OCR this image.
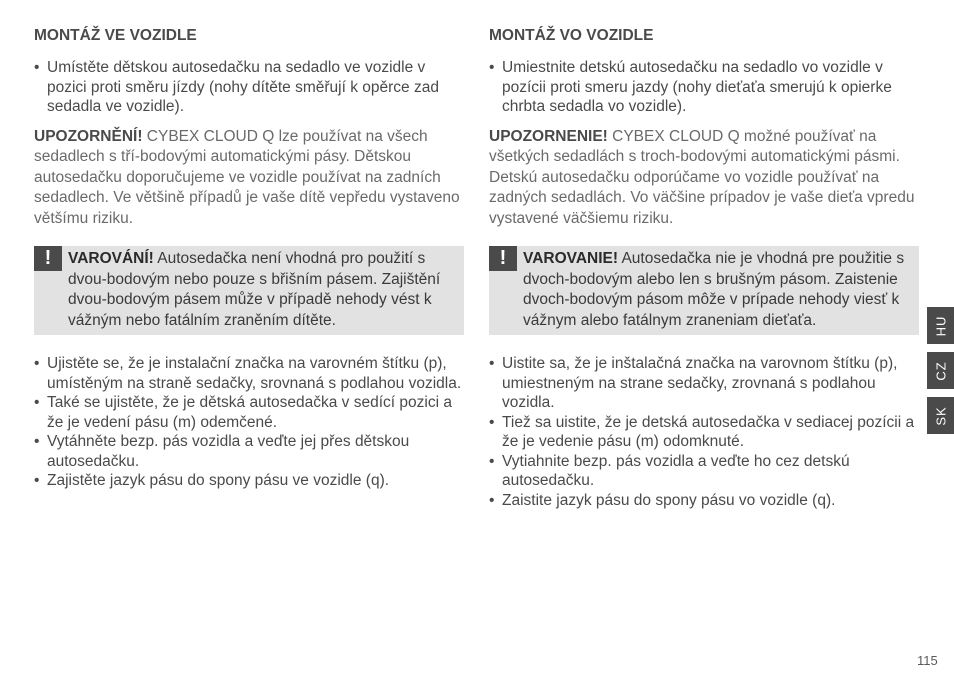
MONTÁŽ VE VOZIDLE
• Umístěte dětskou autosedačku na sedadlo ve vozidle v pozici proti směru jízdy (nohy dítěte směřují k opěrce zad sedadla ve vozidle).

UPOZORNĚNÍ! CYBEX CLOUD Q lze používat na všech sedadlech s tří-bodovými automatickými pásy. Dětskou autosedačku doporučujeme ve vozidle používat na zadních sedadlech. Ve většině případů je vaše dítě vepředu vystaveno většímu riziku.

!	VAROVÁNÍ! Autosedačka není vhodná pro použití s dvou-bodovým nebo pouze s břišním pásem. Zajištění dvou-bodovým pásem může v případě nehody vést k vážným nebo fatálním zraněním dítěte.
• Ujistěte se, že je instalační značka na varovném štítku (p), umístěným na straně sedačky, srovnaná s podlahou vozidla.
• Také se ujistěte, že je dětská autosedačka v sedící pozici a že je vedení pásu (m) odemčené.
• Vytáhněte bezp. pás vozidla a veďte jej přes dětskou autosedačku.
• Zajistěte jazyk pásu do spony pásu ve vozidle (q).
MONTÁŽ VO VOZIDLE
• Umiestnite detskú autosedačku na sedadlo vo vozidle v pozícii proti smeru jazdy (nohy dieťaťa smerujú k opierke chrbta sedadla vo vozidle).

UPOZORNENIE! CYBEX CLOUD Q možné používať na všetkých sedadlách s troch-bodovými automatickými pásmi. Detskú autosedačku odporúčame vo vozidle používať na zadných sedadlách. Vo väčšine prípadov je vaše dieťa vpredu vystavené väčšiemu riziku.

!	VAROVANIE! Autosedačka nie je vhodná pre použitie s dvoch-bodovým alebo len s brušným pásom. Zaistenie dvoch-bodovým pásom môže v prípade nehody viesť k vážnym alebo fatálnym zraneniam dieťaťa.
• Uistite sa, že je inštalačná značka na varovnom štítku (p), umiestneným na strane sedačky, zrovnaná s podlahou vozidla.
• Tiež sa uistite, že je detská autosedačka v sediacej pozícii a že je vedenie pásu (m) odomknuté.
• Vytiahnite bezp. pás vozidla a veďte ho cez detskú autosedačku.
• Zaistite jazyk pásu do spony pásu vo vozidle (q).
HU
CZ
SK
115
